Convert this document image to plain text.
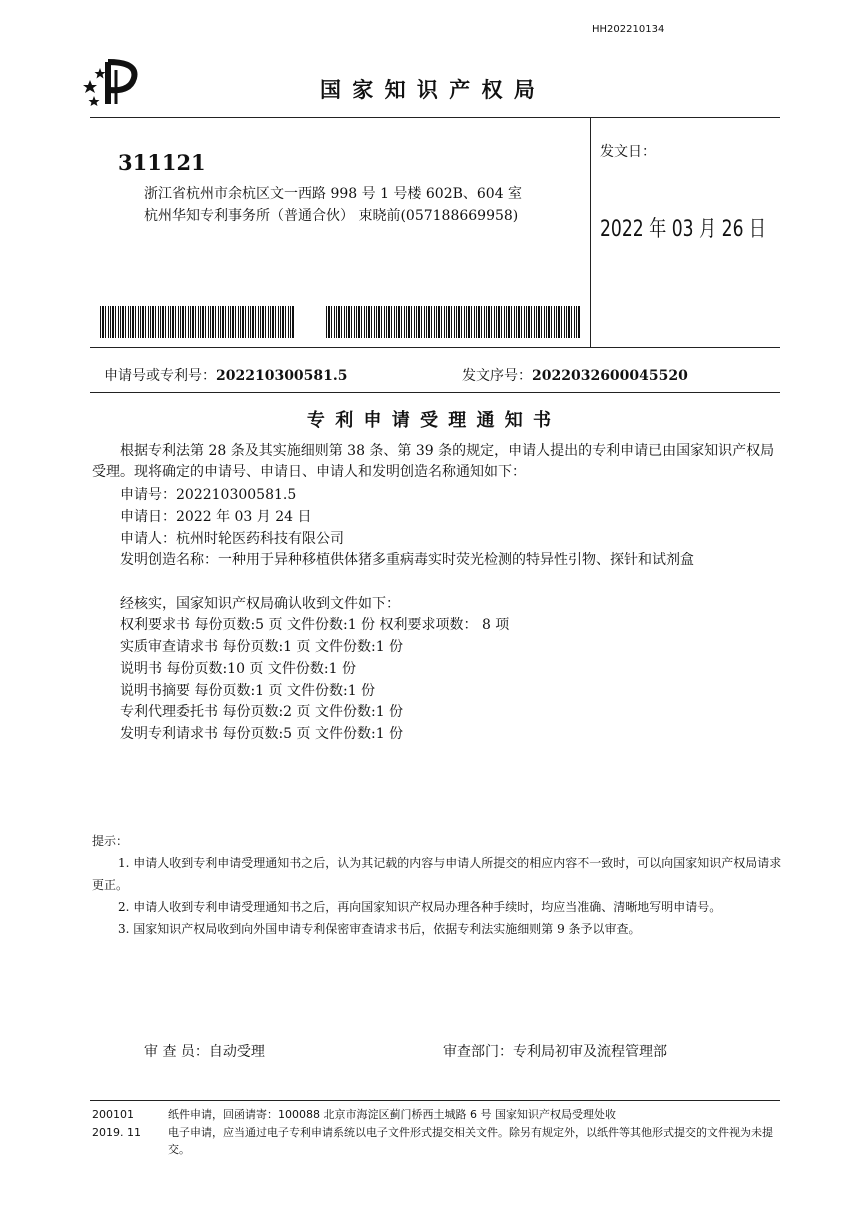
HH202210134
国 家 知 识 产 权 局
311121
浙江省杭州市余杭区文一西路 998 号 1 号楼 602B、604 室
杭州华知专利事务所（普通合伙） 束晓前(057188669958)
发文日：
2022 年 03 月 26 日
申请号或专利号：202210300581.5	发文序号：2022032600045520
专 利 申 请 受 理 通 知 书
根据专利法第 28 条及其实施细则第 38 条、第 39 条的规定，申请人提出的专利申请已由国家知识产权局受理。现将确定的申请号、申请日、申请人和发明创造名称通知如下：
申请号：202210300581.5
申请日：2022 年 03 月 24 日
申请人：杭州时轮医药科技有限公司
发明创造名称：一种用于异种移植供体猪多重病毒实时荧光检测的特异性引物、探针和试剂盒
经核实，国家知识产权局确认收到文件如下：
权利要求书 每份页数:5 页 文件份数:1 份 权利要求项数： 8 项
实质审查请求书 每份页数:1 页 文件份数:1 份
说明书 每份页数:10 页 文件份数:1 份
说明书摘要 每份页数:1 页 文件份数:1 份
专利代理委托书 每份页数:2 页 文件份数:1 份
发明专利请求书 每份页数:5 页 文件份数:1 份
提示：
1. 申请人收到专利申请受理通知书之后，认为其记载的内容与申请人所提交的相应内容不一致时，可以向国家知识产权局请求更正。
2. 申请人收到专利申请受理通知书之后，再向国家知识产权局办理各种手续时，均应当准确、清晰地写明申请号。
3. 国家知识产权局收到向外国申请专利保密审查请求书后，依据专利法实施细则第 9 条予以审查。
审 查 员：自动受理	审查部门：专利局初审及流程管理部
200101
2019. 11
纸件申请，回函请寄：100088 北京市海淀区蓟门桥西土城路 6 号 国家知识产权局受理处收
电子申请，应当通过电子专利申请系统以电子文件形式提交相关文件。除另有规定外，以纸件等其他形式提交的文件视为未提交。
